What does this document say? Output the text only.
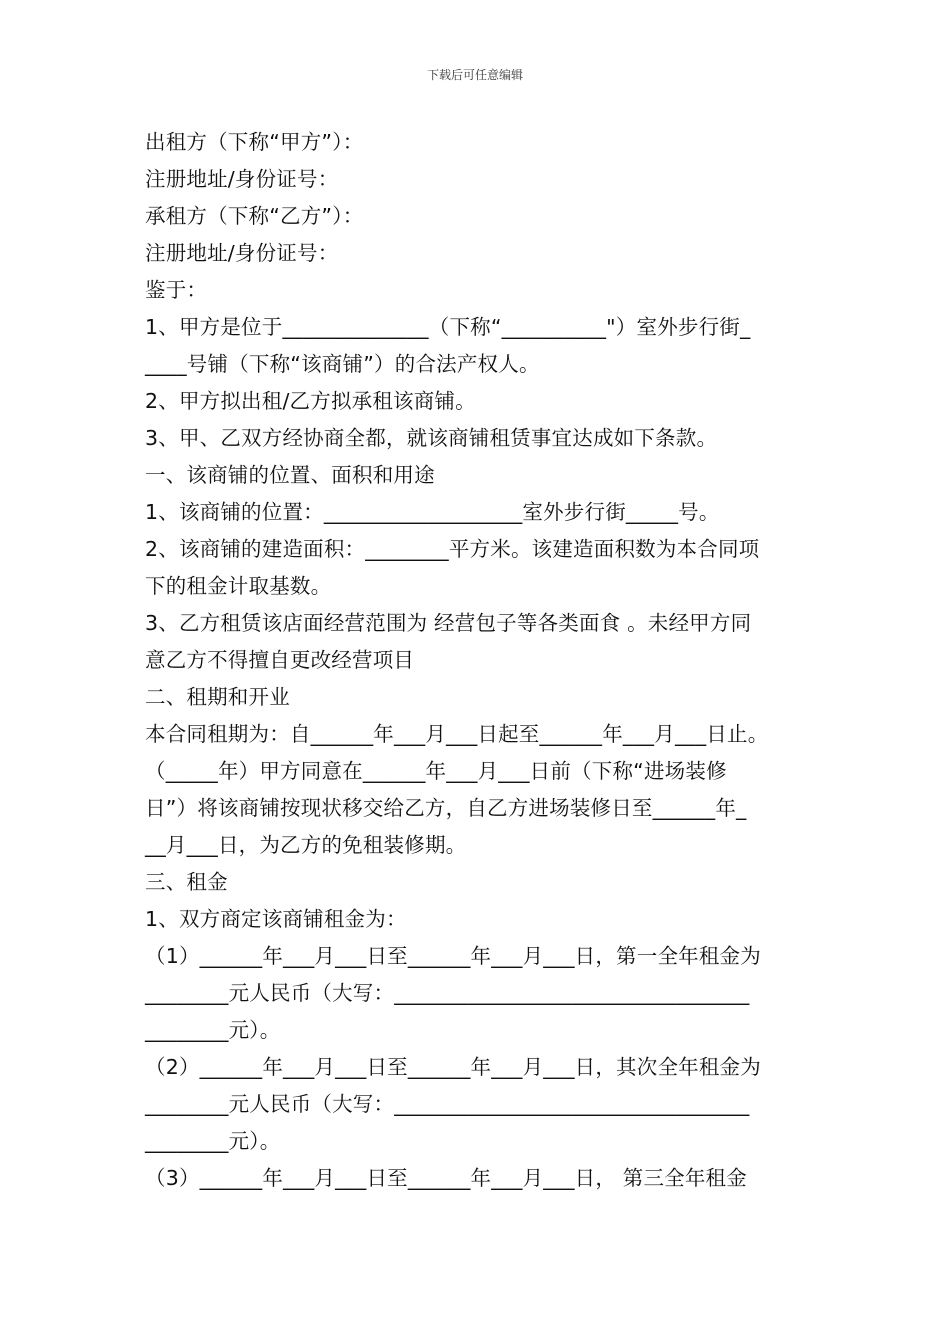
下载后可任意编辑
出租方（下称“甲方”）：
注册地址/身份证号：
承租方（下称“乙方”）：
注册地址/身份证号：
鉴于：
1、甲方是位于______________（下称“__________"）室外步行街_
____号铺（下称“该商铺”）的合法产权人。
2、甲方拟出租/乙方拟承租该商铺。
3、甲、乙双方经协商全都，就该商铺租赁事宜达成如下条款。
一、该商铺的位置、面积和用途
1、该商铺的位置：___________________室外步行街_____号。
2、该商铺的建造面积：________平方米。该建造面积数为本合同项
下的租金计取基数。
3、乙方租赁该店面经营范围为 经营包子等各类面食 。未经甲方同
意乙方不得擅自更改经营项目
二、租期和开业
本合同租期为：自______年___月___日起至______年___月___日止。
（_____年）甲方同意在______年___月___日前（下称“进场装修
日”）将该商铺按现状移交给乙方，自乙方进场装修日至______年_
__月___日，为乙方的免租装修期。
三、租金
1、双方商定该商铺租金为：
（1）______年___月___日至______年___月___日，第一全年租金为
________元人民币（大写：__________________________________
________元）。
（2）______年___月___日至______年___月___日，其次全年租金为
________元人民币（大写：__________________________________
________元）。
（3）______年___月___日至______年___月___日， 第三全年租金
